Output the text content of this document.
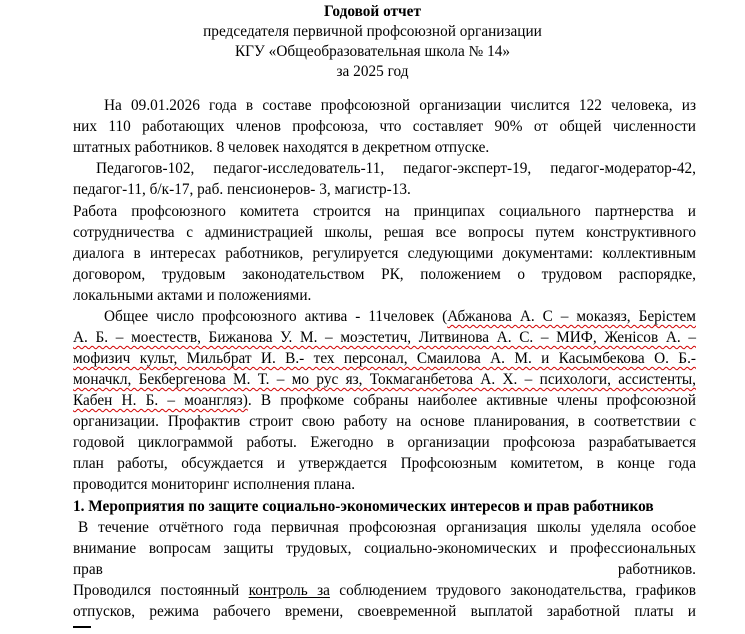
Годовой отчет
председателя первичной профсоюзной организации
КГУ «Общеобразовательная школа № 14»
за 2025 год
На 09.01.2026 года в составе профсоюзной организации числится 122 человека, из
них 110 работающих членов профсоюза, что составляет 90% от общей численности
штатных работников. 8 человек находятся в декретном отпуске.
Педагогов-102, педагог-исследователь-11, педагог-эксперт-19, педагог-модератор-42,
педагог-11, б/к-17, раб. пенсионеров- 3, магистр-13.
Работа профсоюзного комитета строится на принципах социального партнерства и
сотрудничества с администрацией школы, решая все вопросы путем конструктивного
диалога в интересах работников, регулируется следующими документами: коллективным
договором, трудовым законодательством РК, положением о трудовом распорядке,
локальными актами и положениями.
Общее число профсоюзного актива - 11человек (Абжанова А. С – моказяз, Берістем
А. Б. – моестеств, Бижанова У. М. – моэстетич, Литвинова А. С. – МИФ, Женісов А. –
мофизич культ, Мильбрат И. В.- тех персонал, Смаилова А. М. и Касымбекова О. Б.-
моначкл, Бекбергенова М. Т. – мо рус яз, Токмаганбетова А. Х. – психологи, ассистенты,
Кабен Н. Б. – моангляз). В профкоме собраны наиболее активные члены профсоюзной
организации. Профактив строит свою работу на основе планирования, в соответствии с
годовой циклограммой работы. Ежегодно в организации профсоюза разрабатывается
план работы, обсуждается и утверждается Профсоюзным комитетом, в конце года
проводится мониторинг исполнения плана.
1. Мероприятия по защите социально-экономических интересов и прав работников
В течение отчётного года первичная профсоюзная организация школы уделяла особое
внимание вопросам защиты трудовых, социально-экономических и профессиональных
прав	работников.
Проводился постоянный контроль за соблюдением трудового законодательства, графиков
отпусков, режима рабочего времени, своевременной выплатой заработной платы и
